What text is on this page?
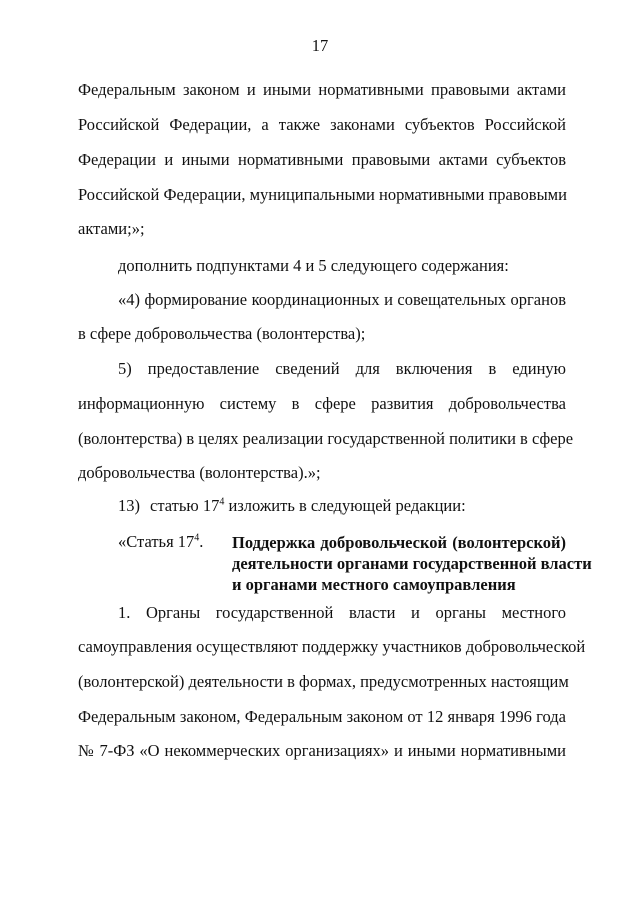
17
Федеральным законом и иными нормативными правовыми актами
Российской Федерации, а также законами субъектов Российской
Федерации и иными нормативными правовыми актами субъектов
Российской Федерации, муниципальными нормативными правовыми
актами;»;
дополнить подпунктами 4 и 5 следующего содержания:
«4) формирование координационных и совещательных органов
в сфере добровольчества (волонтерства);
5) предоставление сведений для включения в единую
информационную систему в сфере развития добровольчества
(волонтерства) в целях реализации государственной политики в сфере
добровольчества (волонтерства).»;
13) статью $17^4$ изложить в следующей редакции:
«Статья $17^4$. Поддержка добровольческой (волонтерской)
деятельности органами государственной власти
и органами местного самоуправления
1. Органы государственной власти и органы местного
самоуправления осуществляют поддержку участников добровольческой
(волонтерской) деятельности в формах, предусмотренных настоящим
Федеральным законом, Федеральным законом от 12 января 1996 года
№ 7-ФЗ «О некоммерческих организациях» и иными нормативными
